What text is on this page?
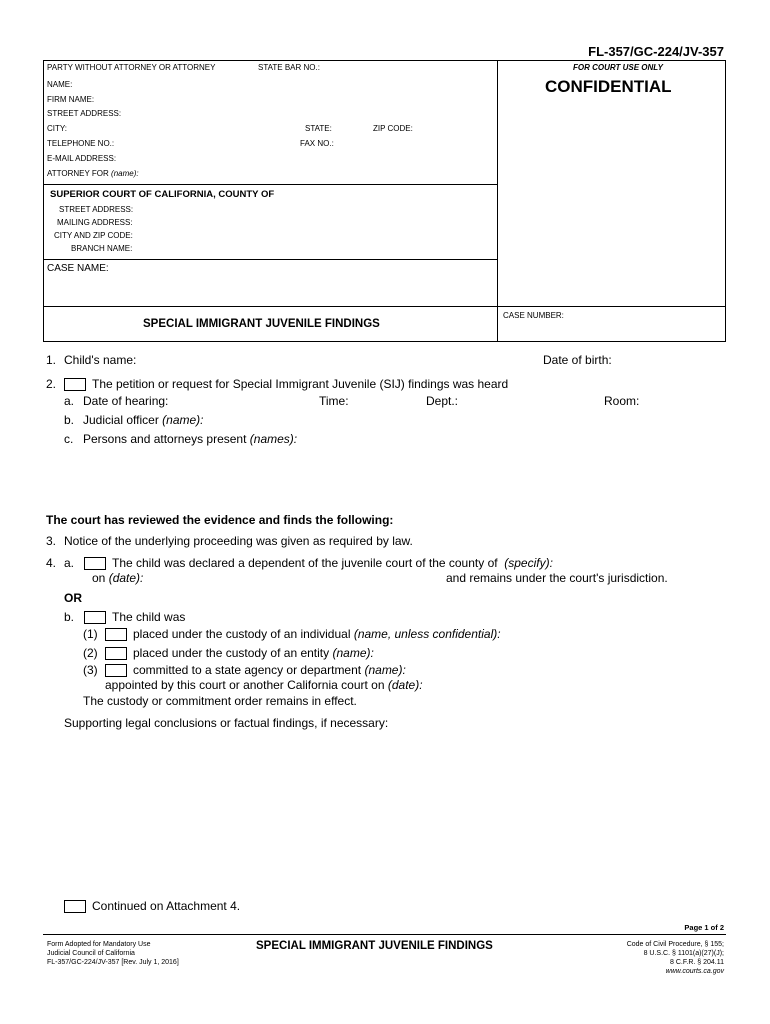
FL-357/GC-224/JV-357
PARTY WITHOUT ATTORNEY OR ATTORNEY	STATE BAR NO.:	FOR COURT USE ONLY
CONFIDENTIAL
NAME:
FIRM NAME:
STREET ADDRESS:
CITY:	STATE:	ZIP CODE:
TELEPHONE NO.:	FAX NO.:
E-MAIL ADDRESS:
ATTORNEY FOR (name):
SUPERIOR COURT OF CALIFORNIA, COUNTY OF
STREET ADDRESS:
MAILING ADDRESS:
CITY AND ZIP CODE:
BRANCH NAME:
CASE NAME:
SPECIAL IMMIGRANT JUVENILE FINDINGS
CASE NUMBER:
1. Child's name:	Date of birth:
2.	The petition or request for Special Immigrant Juvenile (SIJ) findings was heard
a. Date of hearing:	Time:	Dept.:	Room:
b. Judicial officer (name):
c. Persons and attorneys present (names):
The court has reviewed the evidence and finds the following:
3. Notice of the underlying proceeding was given as required by law.
4. a.	The child was declared a dependent of the juvenile court of the county of (specify):
on (date):	and remains under the court's jurisdiction.
OR
b.	The child was
(1)	placed under the custody of an individual (name, unless confidential):
(2)	placed under the custody of an entity (name):
(3)	committed to a state agency or department (name):
appointed by this court or another California court on (date):
The custody or commitment order remains in effect.
Supporting legal conclusions or factual findings, if necessary:
Continued on Attachment 4.
Page 1 of 2
Form Adopted for Mandatory Use
Judicial Council of California
FL-357/GC-224/JV-357 [Rev. July 1, 2016]
SPECIAL IMMIGRANT JUVENILE FINDINGS	Code of Civil Procedure, § 155;
8 U.S.C. § 1101(a)(27)(J);
8 C.F.R. § 204.11
www.courts.ca.gov
